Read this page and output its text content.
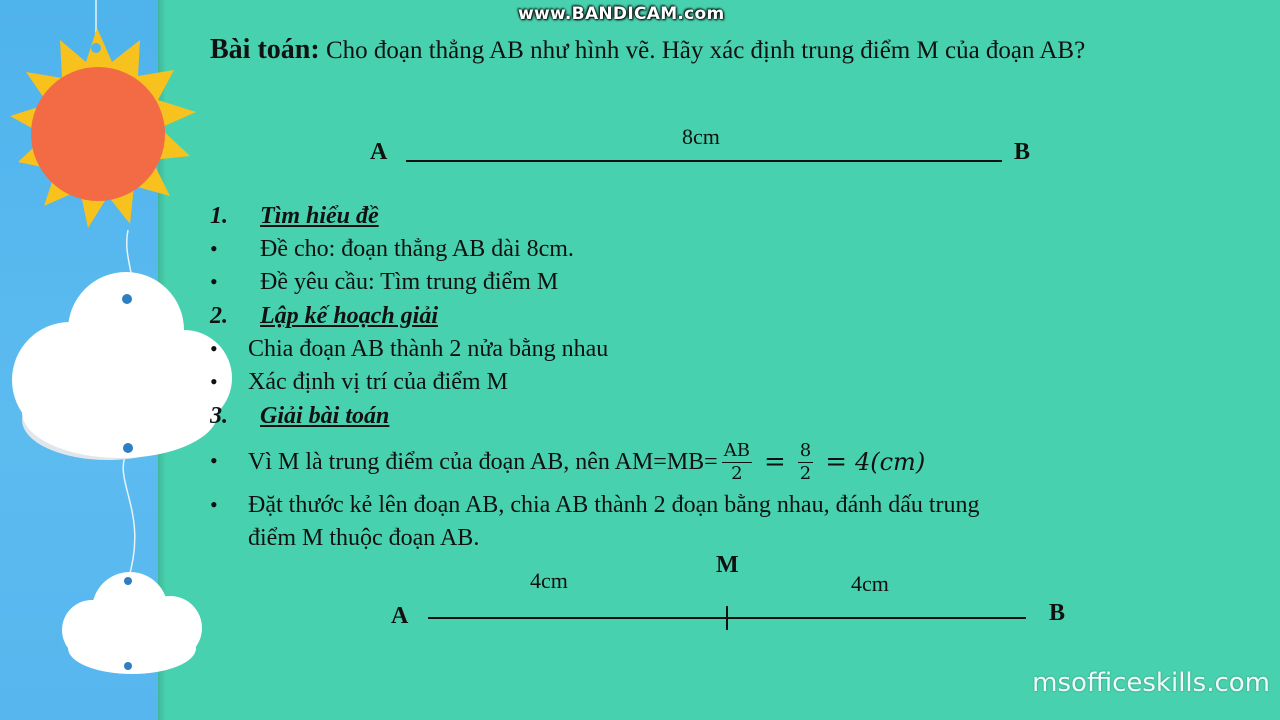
www.BANDICAM.com
Bài toán: Cho đoạn thẳng AB như hình vẽ. Hãy xác định trung điểm M của đoạn AB?
A
8cm
B
1. Tìm hiểu đề
• Đề cho: đoạn thẳng AB dài 8cm.
• Đề yêu cầu: Tìm trung điểm M
2. Lập kế hoạch giải
• Chia đoạn AB thành 2 nửa bằng nhau
• Xác định vị trí của điểm M
3. Giải bài toán
• Vì M là trung điểm của đoạn AB, nên $AM=MB= \frac{AB}{2} = \frac{8}{2} = 4(cm)$
• Đặt thước kẻ lên đoạn AB, chia AB thành 2 đoạn bằng nhau, đánh dấu trung
điểm M thuộc đoạn AB.
M
4cm	4cm
A	B
msofficeskills.com
